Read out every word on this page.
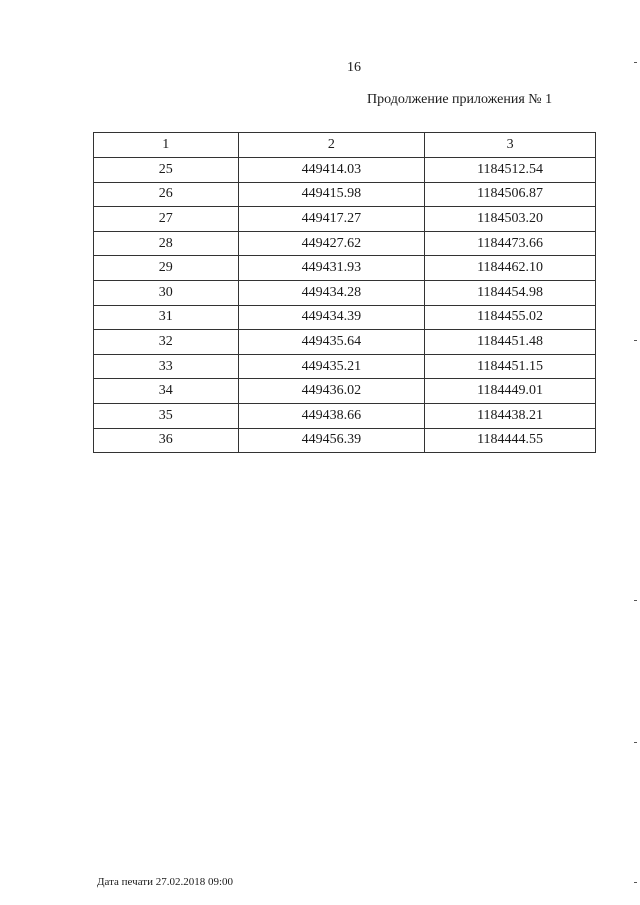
16
Продолжение приложения № 1
1	2	3
25	449414.03	1184512.54
26	449415.98	1184506.87
27	449417.27	1184503.20
28	449427.62	1184473.66
29	449431.93	1184462.10
30	449434.28	1184454.98
31	449434.39	1184455.02
32	449435.64	1184451.48
33	449435.21	1184451.15
34	449436.02	1184449.01
35	449438.66	1184438.21
36	449456.39	1184444.55
Дата печати 27.02.2018 09:00
